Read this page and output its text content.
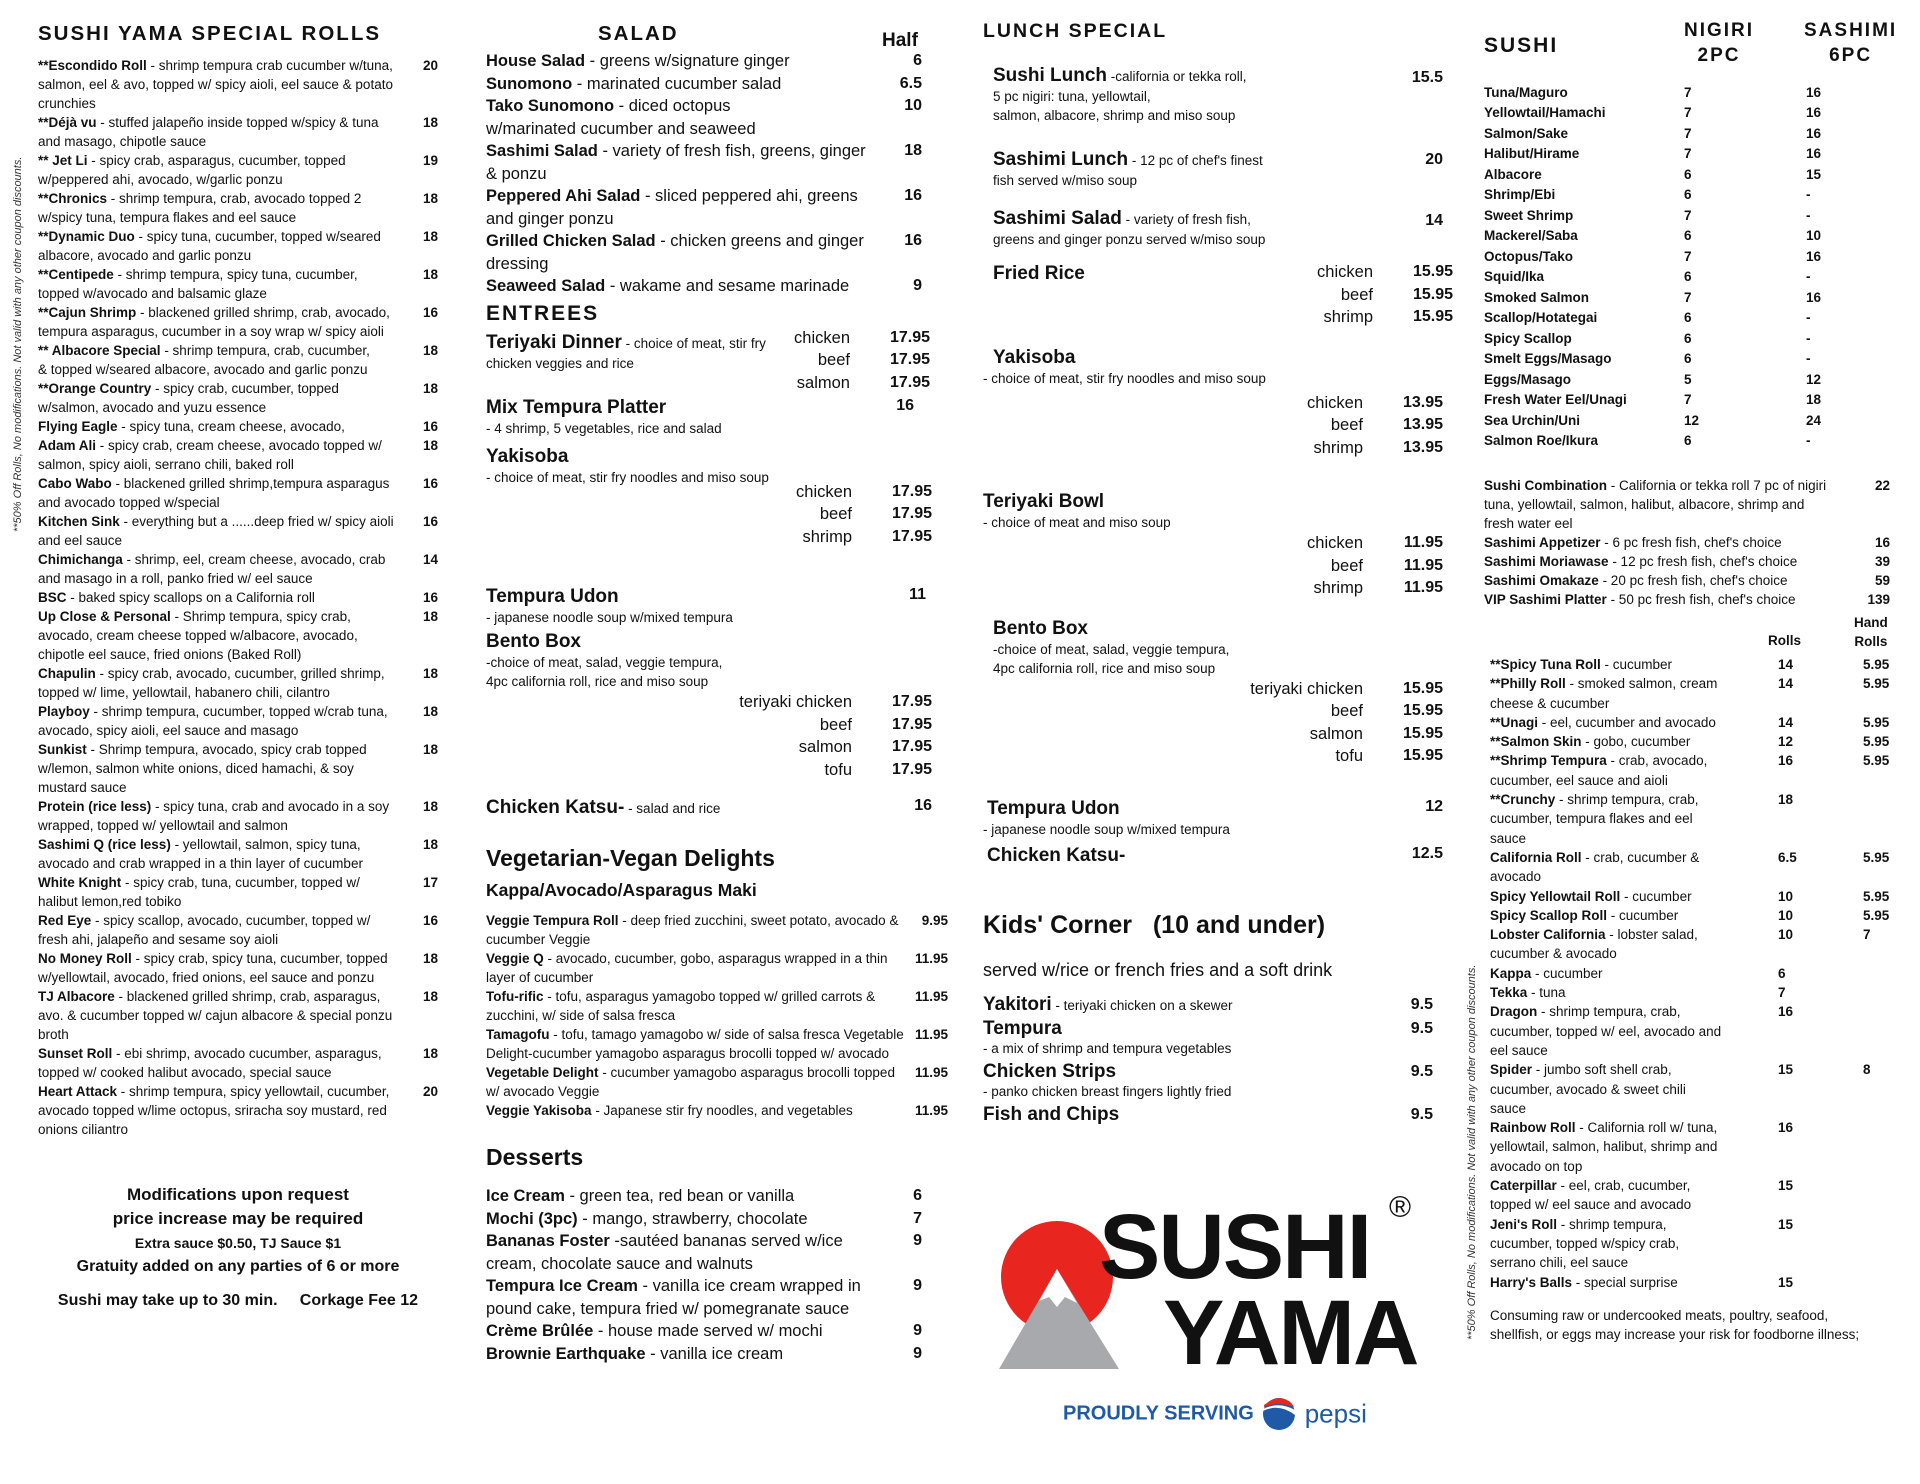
**50% Off Rolls, No modifications. Not valid with any other coupon discounts.
**50% Off Rolls, No modifications. Not valid with any other coupon discounts.
SUSHI YAMA SPECIAL ROLLS
**Escondido Roll - shrimp tempura crab cucumber w/tuna, salmon, eel & avo, topped w/ spicy aioli, eel sauce & potato crunchies
20
**Déjà vu - stuffed jalapeño inside topped w/spicy & tuna and masago, chipotle sauce
18
** Jet Li - spicy crab, asparagus, cucumber, topped w/peppered ahi, avocado, w/garlic ponzu
19
**Chronics - shrimp tempura, crab, avocado topped 2 w/spicy tuna, tempura flakes and eel sauce
18
**Dynamic Duo - spicy tuna, cucumber, topped w/seared albacore, avocado and garlic ponzu
18
**Centipede - shrimp tempura, spicy tuna, cucumber, topped w/avocado and balsamic glaze
18
**Cajun Shrimp - blackened grilled shrimp, crab, avocado,
tempura asparagus, cucumber in a soy wrap w/ spicy aioli
16
** Albacore Special - shrimp tempura, crab, cucumber,
& topped w/seared albacore, avocado and garlic ponzu
18
**Orange Country - spicy crab, cucumber, topped w/salmon, avocado and yuzu essence
18
Flying Eagle - spicy tuna, cream cheese, avocado,	16
Adam Ali - spicy crab, cream cheese, avocado topped w/ salmon, spicy aioli, serrano chili, baked roll
18
Cabo Wabo - blackened grilled shrimp,tempura asparagus and avocado topped w/special
16
Kitchen Sink - everything but a ......deep fried w/ spicy aioli and eel sauce
16
Chimichanga - shrimp, eel, cream cheese, avocado, crab and masago in a roll, panko fried w/ eel sauce
14
BSC - baked spicy scallops on a California roll	16
Up Close & Personal - Shrimp tempura, spicy crab, avocado, cream cheese topped w/albacore, avocado, chipotle eel sauce, fried onions (Baked Roll)
18
Chapulin - spicy crab, avocado, cucumber, grilled shrimp, topped w/ lime, yellowtail, habanero chili, cilantro
18
Playboy - shrimp tempura, cucumber, topped w/crab tuna, avocado, spicy aioli, eel sauce and masago
18
Sunkist - Shrimp tempura, avocado, spicy crab topped
w/lemon, salmon white onions, diced hamachi, & soy mustard sauce
18
Protein (rice less) - spicy tuna, crab and avocado in a soy wrapped, topped w/ yellowtail and salmon
18
Sashimi Q (rice less) - yellowtail, salmon, spicy tuna, avocado and crab wrapped in a thin layer of cucumber
18
White Knight - spicy crab, tuna, cucumber, topped w/ halibut lemon,red tobiko
17
Red Eye - spicy scallop, avocado, cucumber, topped w/ fresh ahi, jalapeño and sesame soy aioli
16
No Money Roll - spicy crab, spicy tuna, cucumber, topped w/yellowtail, avocado, fried onions, eel sauce and ponzu
18
TJ Albacore - blackened grilled shrimp, crab, asparagus, avo. & cucumber topped w/ cajun albacore & special ponzu broth
18
Sunset Roll - ebi shrimp, avocado cucumber, asparagus, topped w/ cooked halibut avocado, special sauce
18
Heart Attack - shrimp tempura, spicy yellowtail, cucumber, avocado topped w/lime octopus, sriracha soy mustard, red onions ciliantro
20
Modifications upon request
price increase may be required
Extra sauce $0.50, TJ Sauce $1
Gratuity added on any parties of 6 or more
Sushi may take up to 30 min. Corkage Fee 12
SALAD	Half
House Salad - greens w/signature ginger	6
Sunomono - marinated cucumber salad	6.5
Tako Sunomono - diced octopus
w/marinated cucumber and seaweed
10
Sashimi Salad - variety of fresh fish, greens, ginger & ponzu
18
Peppered Ahi Salad - sliced peppered ahi, greens and ginger ponzu
16
Grilled Chicken Salad - chicken greens and ginger dressing
16
Seaweed Salad - wakame and sesame marinade	9
ENTREES
Teriyaki Dinner - choice of meat, stir fry chicken veggies and rice
chicken 17.95
beef 17.95
salmon 17.95
Mix Tempura Platter	16
- 4 shrimp, 5 vegetables, rice and salad
Yakisoba
- choice of meat, stir fry noodles and miso soup
chicken 17.95
beef 17.95
shrimp 17.95
Tempura Udon	11
- japanese noodle soup w/mixed tempura
Bento Box
-choice of meat, salad, veggie tempura,
4pc california roll, rice and miso soup
teriyaki chicken 17.95
beef 17.95
salmon 17.95
tofu 17.95
Chicken Katsu- - salad and rice	16
Vegetarian-Vegan Delights
Kappa/Avocado/Asparagus Maki
Veggie Tempura Roll - deep fried zucchini, sweet potato, avocado & cucumber Veggie
9.95
Veggie Q - avocado, cucumber, gobo, asparagus wrapped in a thin layer of cucumber
11.95
Tofu-rific - tofu, asparagus yamagobo topped w/ grilled carrots & zucchini, w/ side of salsa fresca
11.95
Tamagofu - tofu, tamago yamagobo w/ side of salsa fresca Vegetable Delight-cucumber yamagobo asparagus brocolli topped w/ avocado
11.95
Vegetable Delight - cucumber yamagobo asparagus brocolli topped w/ avocado Veggie
11.95
Veggie Yakisoba - Japanese stir fry noodles, and vegetables	11.95
Desserts
Ice Cream - green tea, red bean or vanilla	6
Mochi (3pc) - mango, strawberry, chocolate	7
Bananas Foster -sautéed bananas served w/ice cream, chocolate sauce and walnuts
9
Tempura Ice Cream - vanilla ice cream wrapped in pound cake, tempura fried w/ pomegranate sauce
9
Crème Brûlée - house made served w/ mochi	9
Brownie Earthquake - vanilla ice cream	9
LUNCH SPECIAL
Sushi Lunch -california or tekka roll,
5 pc nigiri: tuna, yellowtail,
salmon, albacore, shrimp and miso soup
15.5
Sashimi Lunch - 12 pc of chef's finest
fish served w/miso soup
20
Sashimi Salad - variety of fresh fish,
greens and ginger ponzu served w/miso soup
14
Fried Rice	chicken 15.95
beef 15.95
shrimp 15.95
Yakisoba
- choice of meat, stir fry noodles and miso soup
chicken 13.95
beef 13.95
shrimp 13.95
Teriyaki Bowl
- choice of meat and miso soup
chicken	11.95
beef	11.95
shrimp	11.95
Bento Box
-choice of meat, salad, veggie tempura,
4pc california roll, rice and miso soup
teriyaki chicken 15.95
beef 15.95
salmon 15.95
tofu 15.95
Tempura Udon	12
- japanese noodle soup w/mixed tempura
Chicken Katsu-	12.5
Kids' Corner   (10 and under)
served w/rice or french fries and a soft drink
Yakitori - teriyaki chicken on a skewer	9.5
Tempura
- a mix of shrimp and tempura vegetables
9.5
Chicken Strips
- panko chicken breast fingers lightly fried
9.5
Fish and Chips	9.5
SUSHI
YAMA
®
PROUDLY SERVING pepsi
SUSHI
NIGIRI
2PC
SASHIMI
6PC
Tuna/Maguro	7	16
Yellowtail/Hamachi	7	16
Salmon/Sake	7	16
Halibut/Hirame	7	16
Albacore	6	15
Shrimp/Ebi	6	-
Sweet Shrimp	7	-
Mackerel/Saba	6	10
Octopus/Tako	7	16
Squid/Ika	6	-
Smoked Salmon	7	16
Scallop/Hotategai	6	-
Spicy Scallop	6	-
Smelt Eggs/Masago	6	-
Eggs/Masago	5	12
Fresh Water Eel/Unagi	7	18
Sea Urchin/Uni	12	24
Salmon Roe/Ikura	6	-
Sushi Combination - California or tekka roll 7 pc of nigiri tuna, yellowtail, salmon, halibut, albacore, shrimp and fresh water eel
22
Sashimi Appetizer - 6 pc fresh fish, chef's choice	16
Sashimi Moriawase - 12 pc fresh fish, chef's choice	39
Sashimi Omakaze - 20 pc fresh fish, chef's choice	59
VIP Sashimi Platter - 50 pc fresh fish, chef's choice	139
Rolls
Hand
Rolls
**Spicy Tuna Roll - cucumber	14	5.95
**Philly Roll - smoked salmon, cream cheese & cucumber
14	5.95
**Unagi - eel, cucumber and avocado	14	5.95
**Salmon Skin - gobo, cucumber	12	5.95
**Shrimp Tempura - crab, avocado, cucumber, eel sauce and aioli
16	5.95
**Crunchy - shrimp tempura, crab, cucumber, tempura flakes and eel sauce
18
California Roll - crab, cucumber & avocado
6.5	5.95
Spicy Yellowtail Roll - cucumber	10	5.95
Spicy Scallop Roll - cucumber	10	5.95
Lobster California - lobster salad, cucumber & avocado
10	7
Kappa - cucumber	6
Tekka - tuna	7
Dragon - shrimp tempura, crab, cucumber, topped w/ eel, avocado and eel sauce
16
Spider - jumbo soft shell crab, cucumber, avocado & sweet chili sauce
15	8
Rainbow Roll - California roll w/ tuna, yellowtail, salmon, halibut, shrimp and avocado on top
16
Caterpillar - eel, crab, cucumber, topped w/ eel sauce and avocado
15
Jeni's Roll - shrimp tempura, cucumber, topped w/spicy crab, serrano chili, eel sauce
15
Harry's Balls - special surprise	15
Consuming raw or undercooked meats, poultry, seafood, shellfish, or eggs may increase your risk for foodborne illness;
